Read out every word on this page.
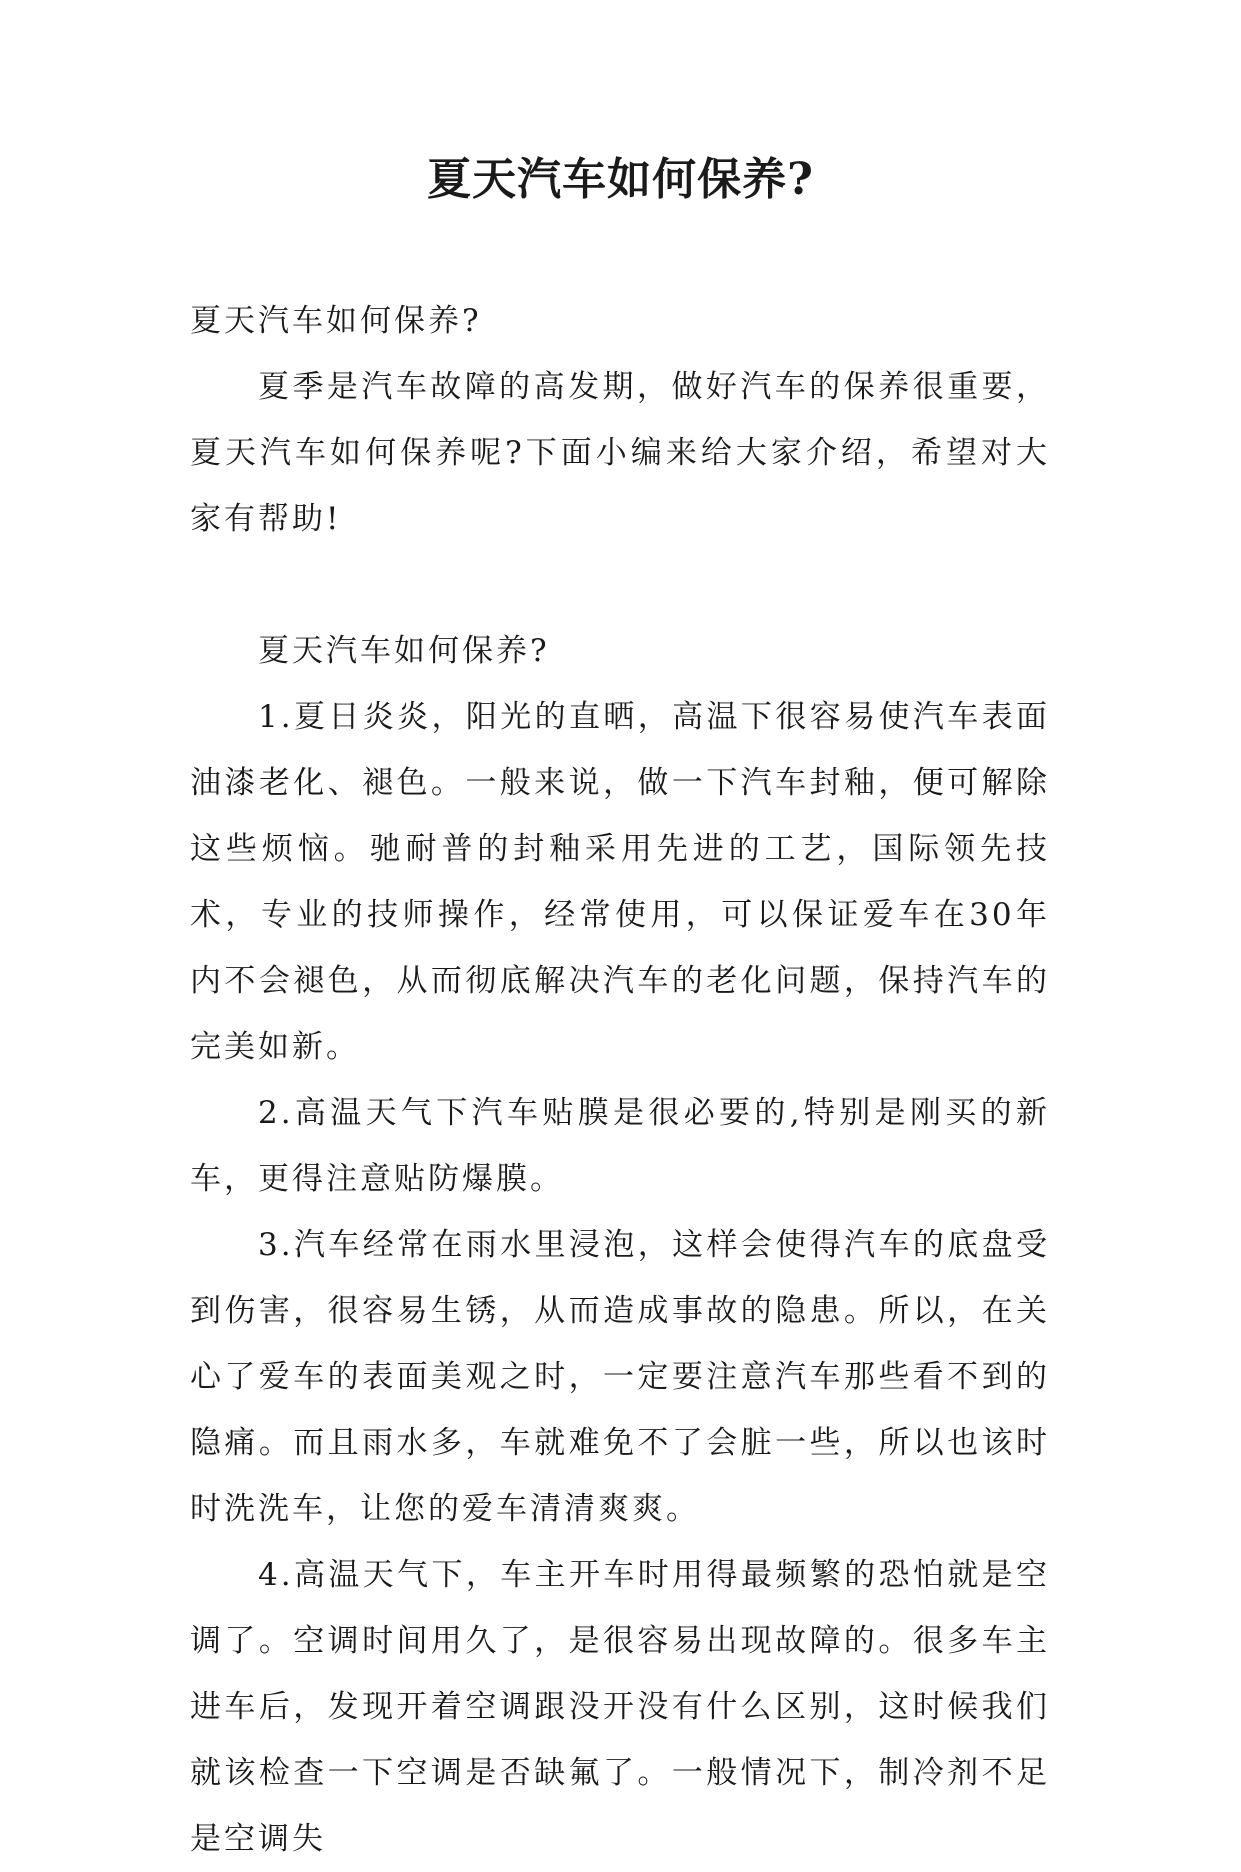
夏天汽车如何保养?

夏天汽车如何保养?

夏季是汽车故障的高发期，做好汽车的保养很重要，夏天汽车如何保养呢?下面小编来给大家介绍，希望对大家有帮助!

夏天汽车如何保养?

1.夏日炎炎，阳光的直晒，高温下很容易使汽车表面油漆老化、褪色。一般来说，做一下汽车封釉，便可解除这些烦恼。驰耐普的封釉采用先进的工艺，国际领先技术，专业的技师操作，经常使用，可以保证爱车在30年内不会褪色，从而彻底解决汽车的老化问题，保持汽车的完美如新。

2.高温天气下汽车贴膜是很必要的,特别是刚买的新车，更得注意贴防爆膜。

3.汽车经常在雨水里浸泡，这样会使得汽车的底盘受到伤害，很容易生锈，从而造成事故的隐患。所以，在关心了爱车的表面美观之时，一定要注意汽车那些看不到的隐痛。而且雨水多，车就难免不了会脏一些，所以也该时时洗洗车，让您的爱车清清爽爽。

4.高温天气下，车主开车时用得最频繁的恐怕就是空调了。空调时间用久了，是很容易出现故障的。很多车主进车后，发现开着空调跟没开没有什么区别，这时候我们就该检查一下空调是否缺氟了。一般情况下，制冷剂不足是空调失
